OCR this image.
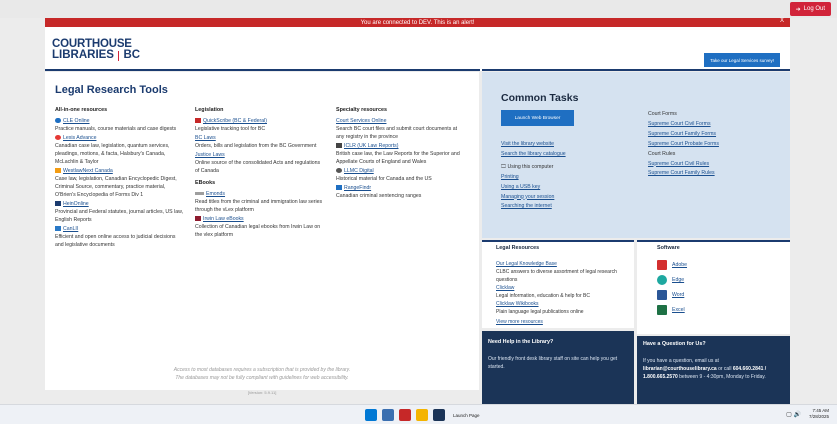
➜ Log Out
You are connected to DEV. This is an alert!	X
COURTHOUSE
LIBRARIES BC	Take our Legal Services survey!
Legal Research Tools
All-in-one resources
CLE Online
Practice manuals, course materials and case digests
Lexis Advance
Canadian case law, legislation, quantum services, pleadings, motions, & facta, Halsbury's Canada, McLachlin & Taylor
WestlawNext Canada
Case law, legislation, Canadian Encyclopedic Digest, Criminal Source, commentary, practice material, O'Brien's Encyclopedia of Forms Div 1
HeinOnline
Provincial and Federal statutes, journal articles, US law, English Reports
CanLII
Efficient and open online access to judicial decisions and legislative documents
Legislation
QuickScribe (BC & Federal)
Legislative tracking tool for BC
BC Laws
Orders, bills and legislation from the BC Government
Justice Laws
Online source of the consolidated Acts and regulations of Canada
EBooks
Emonds
Read titles from the criminal and immigration law series through the vLex platform
Irwin Law eBooks
Collection of Canadian legal ebooks from Irwin Law on the vlex platform
Specialty resources
Court Services Online
Search BC court files and submit court documents at any registry in the province
ICLR (UK Law Reports)
British case law, the Law Reports for the Superior and Appellate Courts of England and Wales
LLMC Digital
Historical material for Canada and the US
RangeFindr
Canadian criminal sentencing ranges
Access to most databases requires a subscription that is provided by the library.
The databases may not be fully compliant with guidelines for web accessibility.
[Version: 5.9.11]
Common Tasks
Launch Web Browser
Visit the library website
Search the library catalogue
🖵 Using this computer
Printing
Using a USB key
Managing your session
Searching the internet
Court Forms
Supreme Court Civil Forms
Supreme Court Family Forms
Supreme Court Probate Forms
Court Rules
Supreme Court Civil Rules
Supreme Court Family Rules
Legal Resources
Our Legal Knowledge Base
CLBC answers to diverse assortment of legal research questions
Clicklaw
Legal information, education & help for BC
Clicklaw Wikibooks
Plain language legal publications online
View more resources
Software
Adobe
Edge
Word
Excel
Need Help in the Library?

Our friendly front desk library staff on site can help you get started.

Have a Question for Us?

If you have a question, email us at librarian@courthouselibrary.ca or call 604.660.2841 / 1.800.665.2570 between 9 - 4:30pm, Monday to Friday.

Launch Page	▢ 🔊
7:45 AM
7/28/2025
